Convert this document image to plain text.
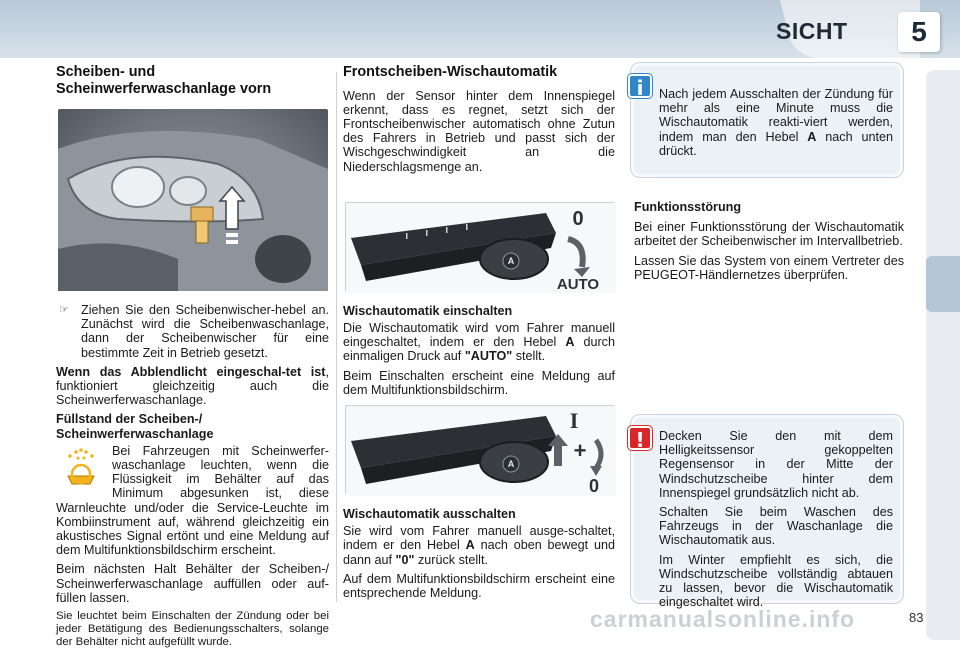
SICHT	5
Scheiben- und
Scheinwerferwaschanlage vorn
☞ Ziehen Sie den Scheibenwischer-hebel an. Zunächst wird die Scheibenwaschanlage, dann der Scheibenwischer für eine bestimmte Zeit in Betrieb gesetzt.

Wenn das Abblendlicht eingeschal-tet ist, funktioniert gleichzeitig auch die Scheinwerferwaschanlage.

Füllstand der Scheiben-/
Scheinwerferwaschanlage

Bei Fahrzeugen mit Scheinwerfer-waschanlage leuchten, wenn die Flüssigkeit im Behälter auf das Minimum abgesunken ist, diese Warnleuchte und/oder die Service-Leuchte im Kombiinstrument auf, während gleichzeitig ein akustisches Signal ertönt und eine Meldung auf dem Multifunktionsbildschirm erscheint.

Beim nächsten Halt Behälter der Scheiben-/ Scheinwerferwaschanlage auffüllen oder auf-füllen lassen.

Sie leuchtet beim Einschalten der Zündung oder bei jeder Betätigung des Bedienungsschalters, solange der Behälter nicht aufgefüllt wurde.

Frontscheiben-Wischautomatik

Wenn der Sensor hinter dem Innenspiegel erkennt, dass es regnet, setzt sich der Frontscheibenwischer automatisch ohne Zutun des Fahrers in Betrieb und passt sich der Wischgeschwindigkeit an die Niederschlagsmenge an.

A
0
AUTO
Wischautomatik einschalten

Die Wischautomatik wird vom Fahrer manuell eingeschaltet, indem er den Hebel A durch einmaligen Druck auf "AUTO" stellt.

Beim Einschalten erscheint eine Meldung auf dem Multifunktionsbildschirm.

A
+
I
0
Wischautomatik ausschalten

Sie wird vom Fahrer manuell ausge-schaltet, indem er den Hebel A nach oben bewegt und dann auf "0" zurück stellt.

Auf dem Multifunktionsbildschirm erscheint eine entsprechende Meldung.

Nach jedem Ausschalten der Zündung für mehr als eine Minute muss die Wischautomatik reakti-viert werden, indem man den Hebel A nach unten drückt.

i
Funktionsstörung

Bei einer Funktionsstörung der Wischautomatik arbeitet der Scheibenwischer im Intervallbetrieb.

Lassen Sie das System von einem Vertreter des PEUGEOT-Händlernetzes überprüfen.

Decken Sie den mit dem Helligkeitssensor gekoppelten Regensensor in der Mitte der Windschutzscheibe hinter dem Innenspiegel grundsätzlich nicht ab.

Schalten Sie beim Waschen des Fahrzeugs in der Waschanlage die Wischautomatik aus.

Im Winter empfiehlt es sich, die Windschutzscheibe vollständig abtauen zu lassen, bevor die Wischautomatik eingeschaltet wird.

!
carmanualsonline.info	83
